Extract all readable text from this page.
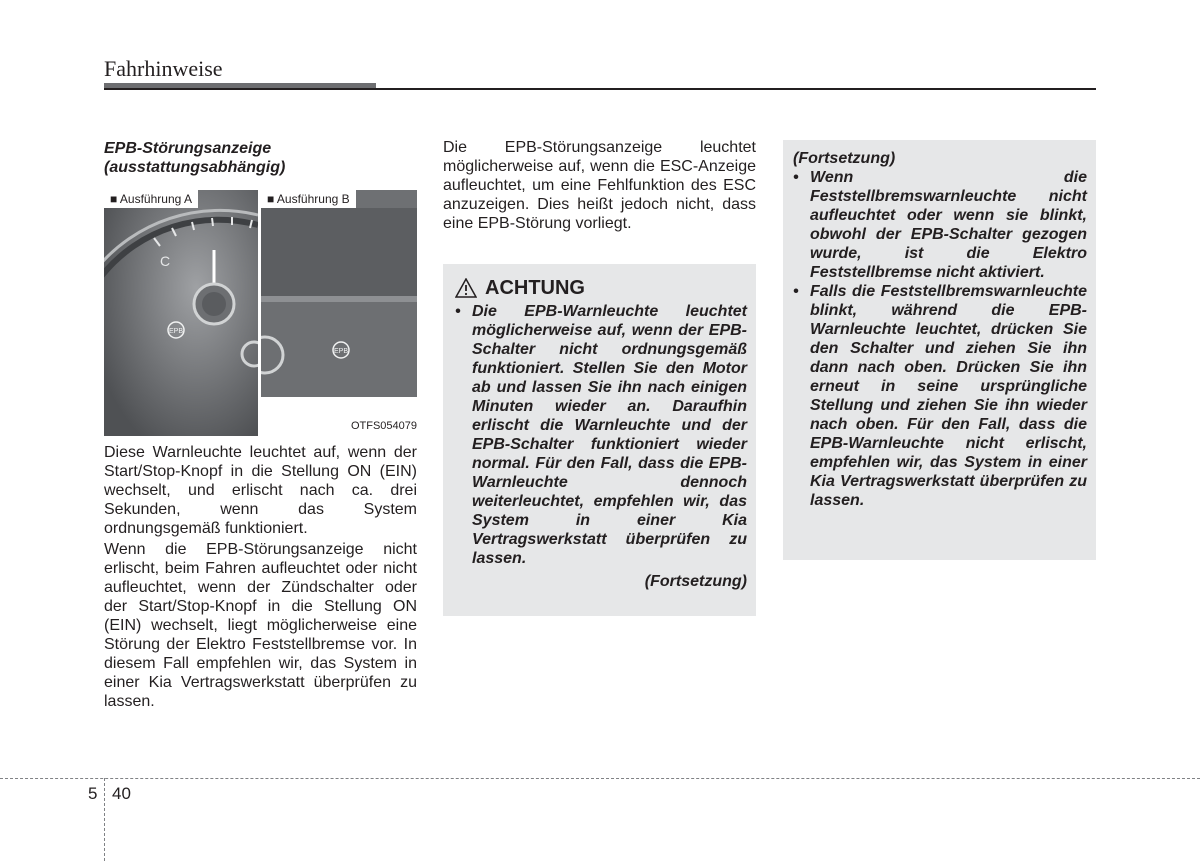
Fahrhinweise
EPB-Störungsanzeige
(ausstattungsabhängig)
C
EPB
■ Ausführung A
EPB
■ Ausführung B
OTFS054079

Diese Warnleuchte leuchtet auf, wenn der Start/Stop-Knopf in die Stellung ON (EIN) wechselt, und erlischt nach ca. drei Sekunden, wenn das System ordnungsgemäß funktioniert.

Wenn die EPB-Störungsanzeige nicht erlischt, beim Fahren aufleuchtet oder nicht aufleuchtet, wenn der Zündschalter oder der Start/Stop-Knopf in die Stellung ON (EIN) wechselt, liegt möglicherweise eine Störung der Elektro Feststellbremse vor. In diesem Fall empfehlen wir, das System in einer Kia Vertragswerkstatt überprüfen zu lassen.

Die EPB-Störungsanzeige leuchtet möglicherweise auf, wenn die ESC-Anzeige aufleuchtet, um eine Fehlfunktion des ESC anzuzeigen. Dies heißt jedoch nicht, dass eine EPB-Störung vorliegt.

ACHTUNG

• Die EPB-Warnleuchte leuchtet möglicherweise auf, wenn der EPB-Schalter nicht ordnungsgemäß funktioniert. Stellen Sie den Motor ab und lassen Sie ihn nach einigen Minuten wieder an. Daraufhin erlischt die Warnleuchte und der EPB-Schalter funktioniert wieder normal. Für den Fall, dass die EPB-Warnleuchte dennoch weiterleuchtet, empfehlen wir, das System in einer Kia Vertragswerkstatt überprüfen zu lassen.

(Fortsetzung)
(Fortsetzung)

• Wenn die Feststellbremswarnleuchte nicht aufleuchtet oder wenn sie blinkt, obwohl der EPB-Schalter gezogen wurde, ist die Elektro Feststellbremse nicht aktiviert.

• Falls die Feststellbremswarnleuchte blinkt, während die EPB-Warnleuchte leuchtet, drücken Sie den Schalter und ziehen Sie ihn dann nach oben. Drücken Sie ihn erneut in seine ursprüngliche Stellung und ziehen Sie ihn wieder nach oben. Für den Fall, dass die EPB-Warnleuchte nicht erlischt, empfehlen wir, das System in einer Kia Vertragswerkstatt überprüfen zu lassen.

5 40
